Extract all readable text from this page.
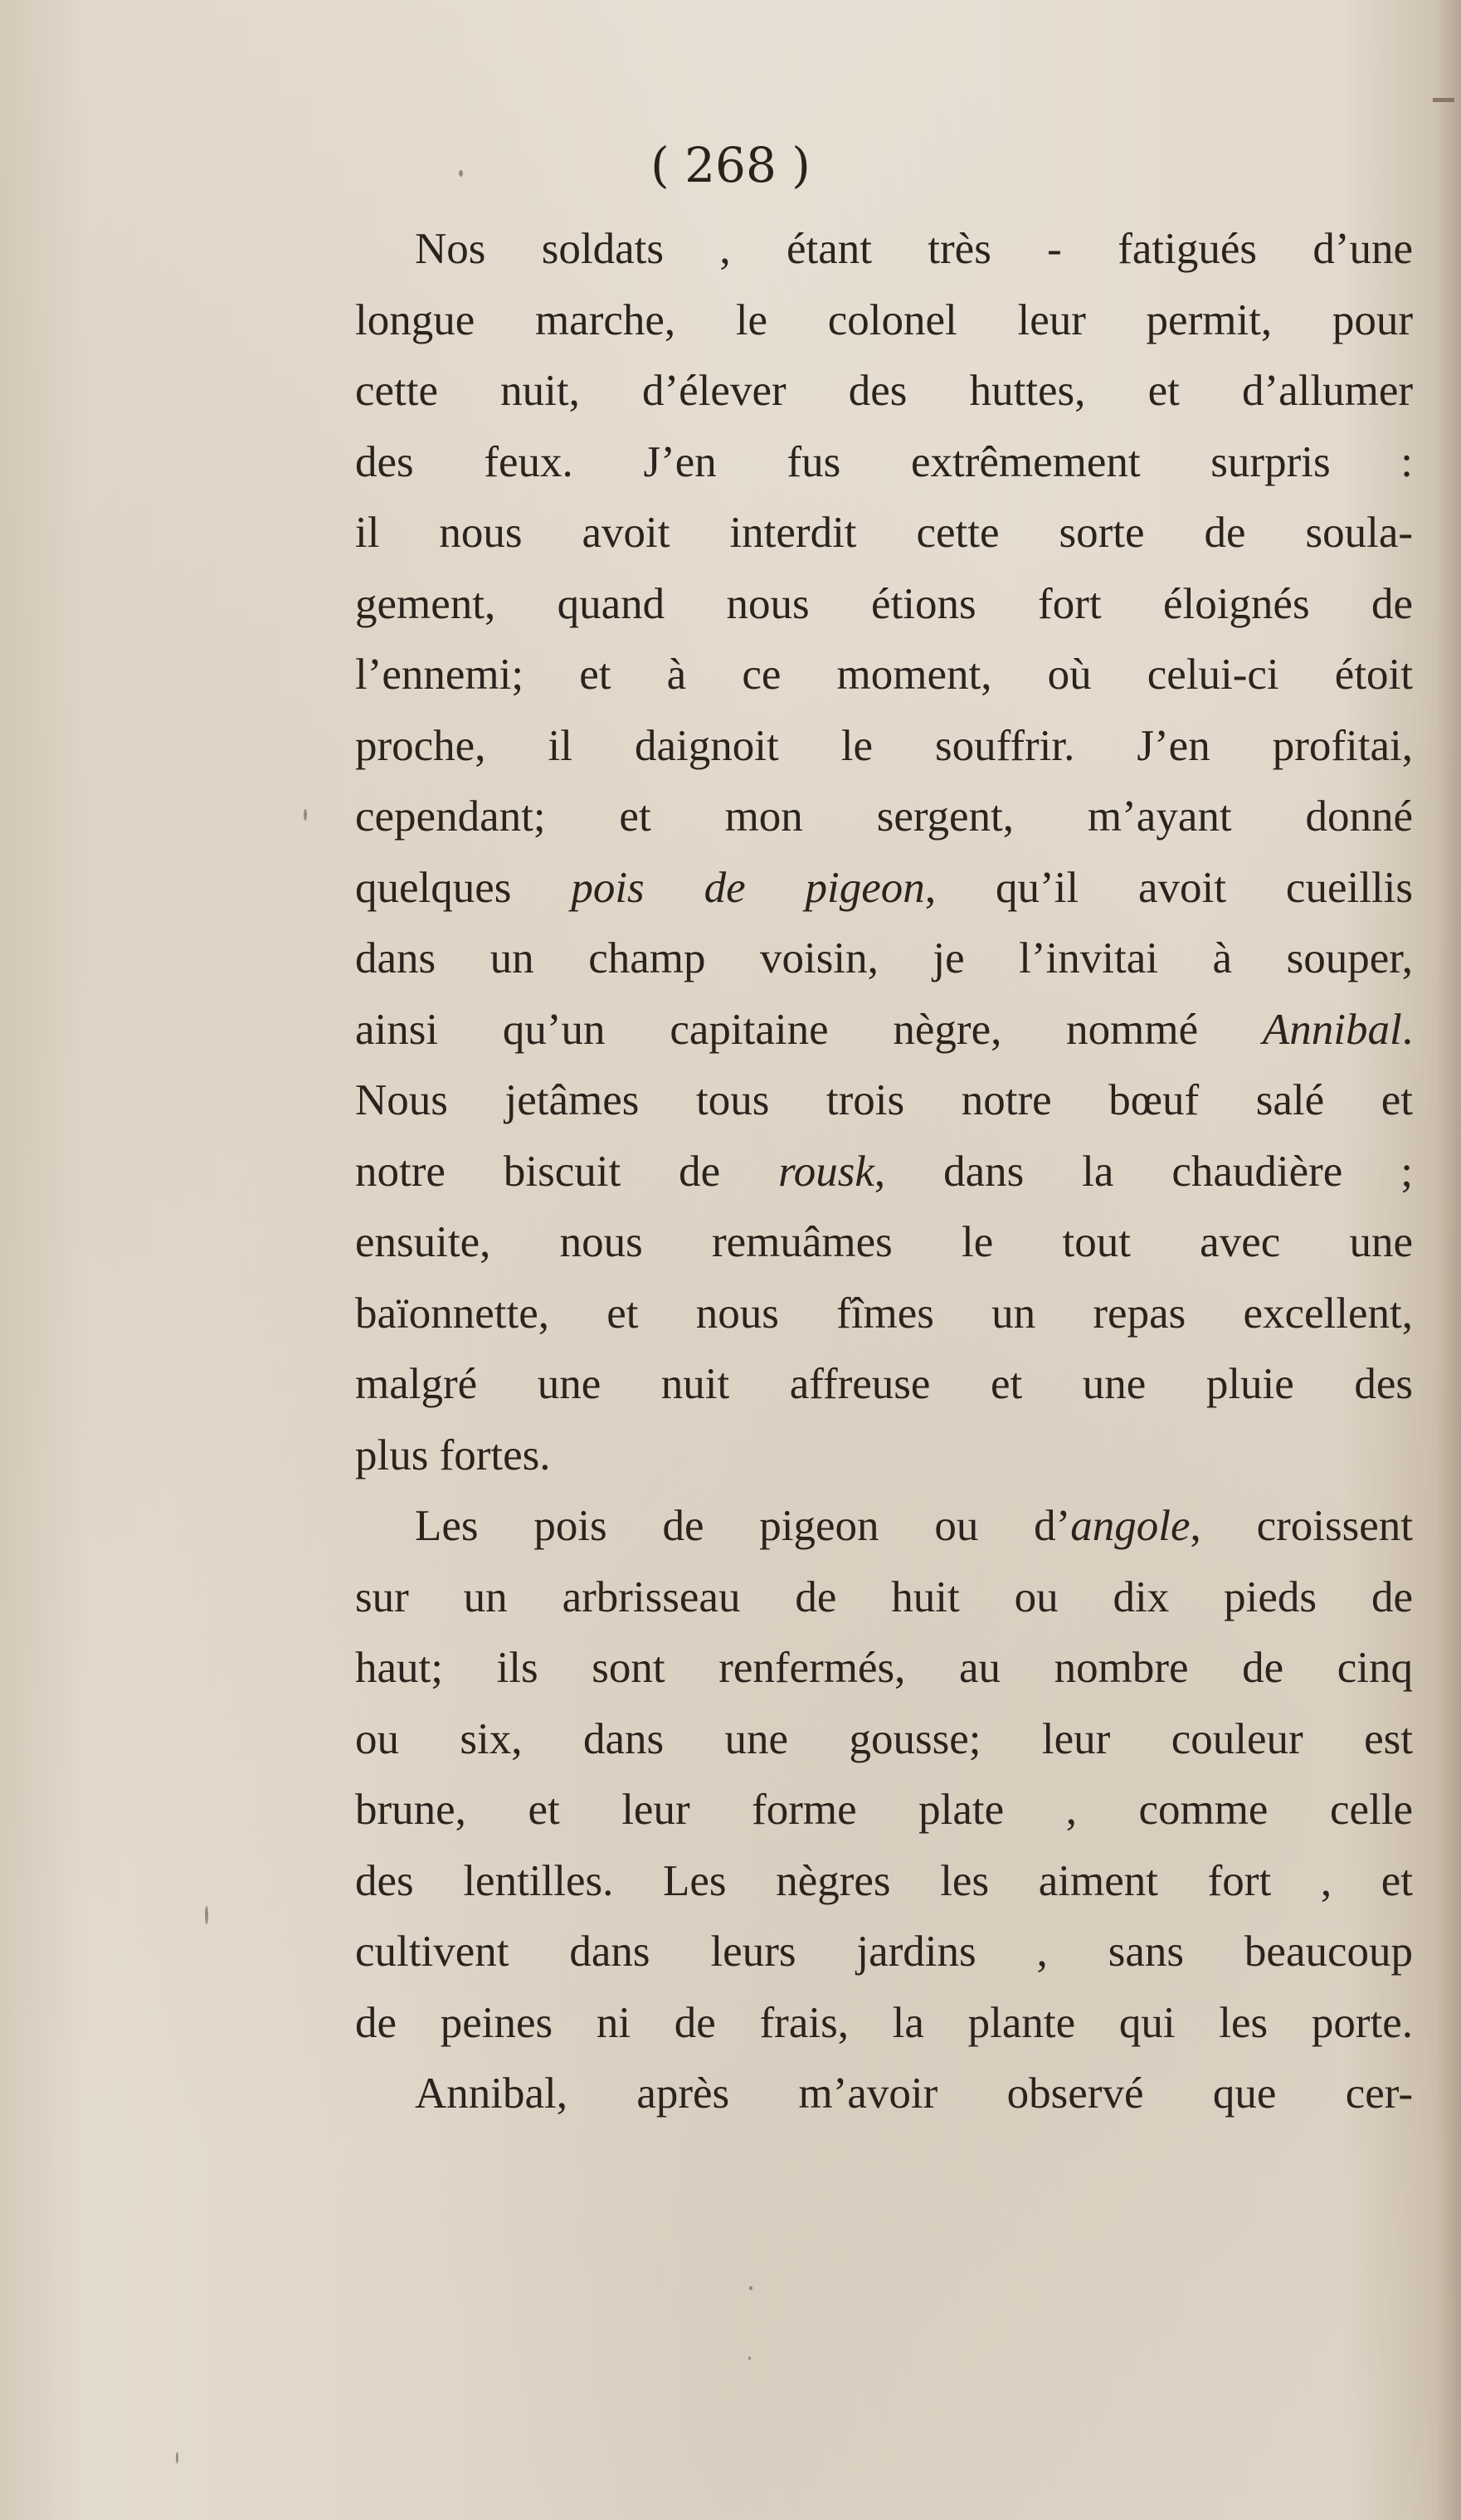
( 268 )
Nos soldats , étant très - fatigués d’une
longue marche, le colonel leur permit, pour
cette nuit, d’élever des huttes, et d’allumer
des feux. J’en fus extrêmement surpris :
il nous avoit interdit cette sorte de soula-
gement, quand nous étions fort éloignés de
l’ennemi; et à ce moment, où celui-ci étoit
proche, il daignoit le souffrir. J’en profitai,
cependant; et mon sergent, m’ayant donné
quelques pois de pigeon, qu’il avoit cueillis
dans un champ voisin, je l’invitai à souper,
ainsi qu’un capitaine nègre, nommé Annibal.
Nous jetâmes tous trois notre bœuf salé et
notre biscuit de rousk, dans la chaudière ;
ensuite, nous remuâmes le tout avec une
baïonnette, et nous fîmes un repas excellent,
malgré une nuit affreuse et une pluie des
plus fortes.
Les pois de pigeon ou d’angole, croissent
sur un arbrisseau de huit ou dix pieds de
haut; ils sont renfermés, au nombre de cinq
ou six, dans une gousse; leur couleur est
brune, et leur forme plate , comme celle
des lentilles. Les nègres les aiment fort , et
cultivent dans leurs jardins , sans beaucoup
de peines ni de frais, la plante qui les porte.
Annibal, après m’avoir observé que cer-
